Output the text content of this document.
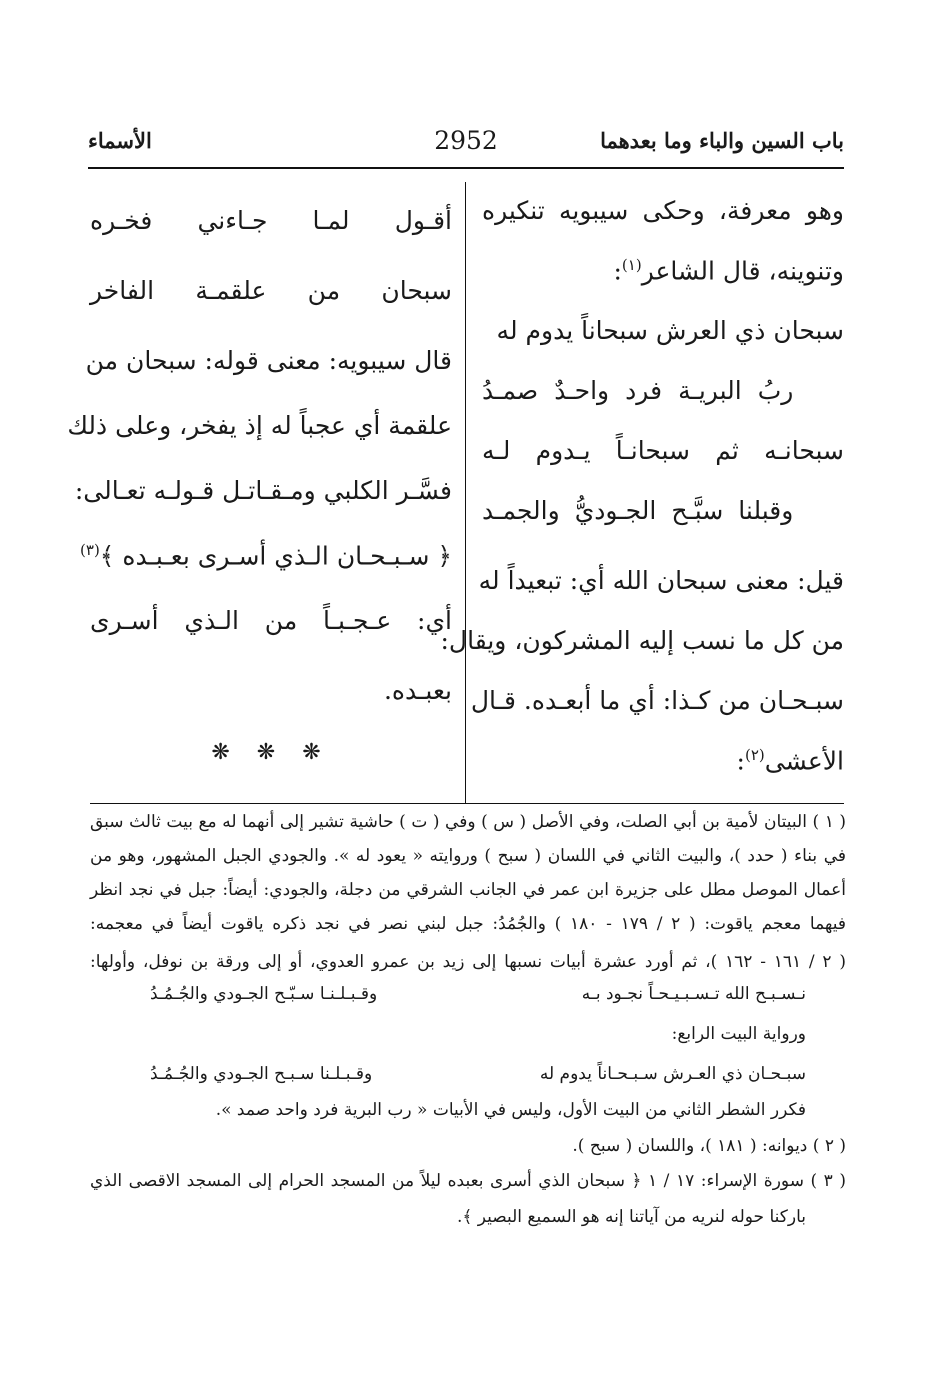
باب السين والباء وما بعدهما
2952
الأسماء
وهو معرفة، وحكى سيبويه تنكيره
وتنوينه، قال الشاعر$^{(١)}$:
سبحان ذي العرش سبحاناً يدوم له
ربُ البريـة فرد واحـدٌ صمـدُ
سبحانـه ثم سبحانـاً يـدوم لـه
وقبلنا سبَّـح الجـوديُّ والجمـد
قيل: معنى سبحان الله أي: تبعيداً له
من كل ما نسب إليه المشركون، ويقال:
سبـحـان من كـذا: أي ما أبعـده. قـال
الأعشى$^{(٢)}$:
أقـول لمـا جـاءني فخـره
سبحان من علقمـة الفاخر
قال سيبويه: معنى قوله: سبحان من
علقمة أي عجباً له إذ يفخر، وعلى ذلك
فسَّـر الكلبي ومـقـاتـل قـولـه تعـالى:
﴿ سـبـحـان الـذي أسـرى بعـبـده ﴾$^{(٣)}$
أي: عـجـبـاً من الـذي أسـرى
بعبـده.
❋ ❋ ❋
( ١ ) البيتان لأمية بن أبي الصلت، وفي الأصل ( س ) وفي ( ت ) حاشية تشير إلى أنهما له مع بيت ثالث سبق
في بناء ( حدد )، والبيت الثاني في اللسان ( سبح ) وروايته « يعود له ». والجودي الجبل المشهور، وهو من
أعمال الموصل مطل على جزيرة ابن عمر في الجانب الشرقي من دجلة، والجودي: أيضاً: جبل في نجد انظر
فيهما معجم ياقوت: ( ٢ / ١٧٩ - ١٨٠ ) والجُمُدُ: جبل لبني نصر في نجد ذكره ياقوت أيضاً في معجمه:
( ٢ / ١٦١ - ١٦٢ )، ثم أورد عشرة أبيات نسبها إلى زيد بن عمرو العدوي، أو إلى ورقة بن نوفل، وأولها:
نـسـبـح الله تـسـبـيـحـاً نجـود بـه
وقـبـلـنـا سـبّـح الجـودي والجُـمُـدُ
ورواية البيت الرابع:
سبـحـان ذي العـرش سـبـحـاناً يدوم له
وقـبـلـنا سـبـح الجـودي والجُـمُـدُ
فكرر الشطر الثاني من البيت الأول، وليس في الأبيات « رب البرية فرد واحد صمد ».
( ٢ ) ديوانه: ( ١٨١ )، واللسان ( سبح ).
( ٣ ) سورة الإسراء: ١٧ / ١ ﴿ سبحان الذي أسرى بعبده ليلاً من المسجد الحرام إلى المسجد الاقصى الذي
باركنا حوله لنريه من آياتنا إنه هو السميع البصير ﴾.
